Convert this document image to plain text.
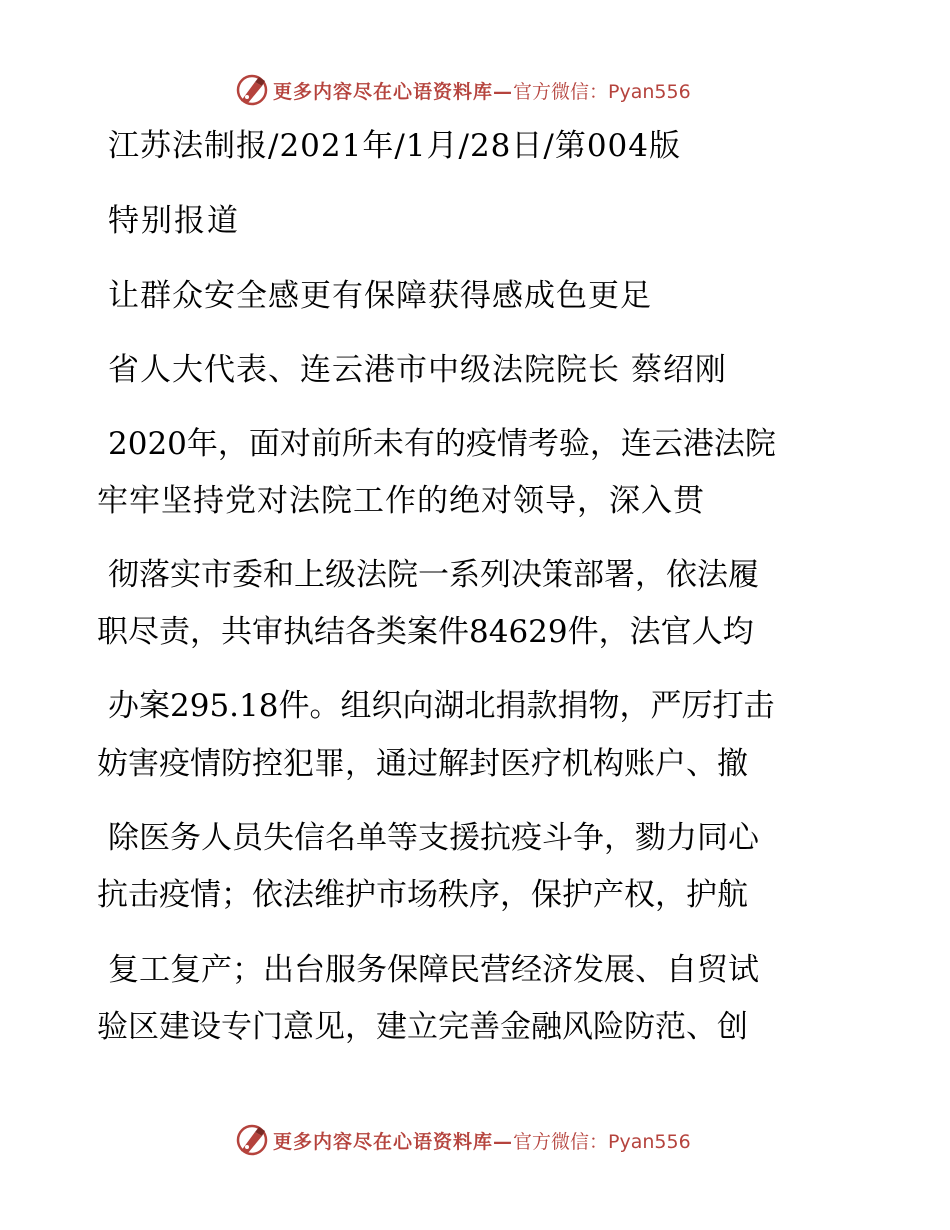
更多内容尽在心语资料库— 官方微信：Pyan556
江苏法制报/2021年/1月/28日/第004版
特别报道
让群众安全感更有保障获得感成色更足
省人大代表、连云港市中级法院院长 蔡绍刚
2020年，面对前所未有的疫情考验，连云港法院
牢牢坚持党对法院工作的绝对领导，深入贯
彻落实市委和上级法院一系列决策部署，依法履
职尽责，共审执结各类案件84629件，法官人均
办案295.18件。组织向湖北捐款捐物，严厉打击
妨害疫情防控犯罪，通过解封医疗机构账户、撤
除医务人员失信名单等支援抗疫斗争，勠力同心
抗击疫情；依法维护市场秩序，保护产权，护航
复工复产；出台服务保障民营经济发展、自贸试
验区建设专门意见，建立完善金融风险防范、创
更多内容尽在心语资料库— 官方微信：Pyan556
